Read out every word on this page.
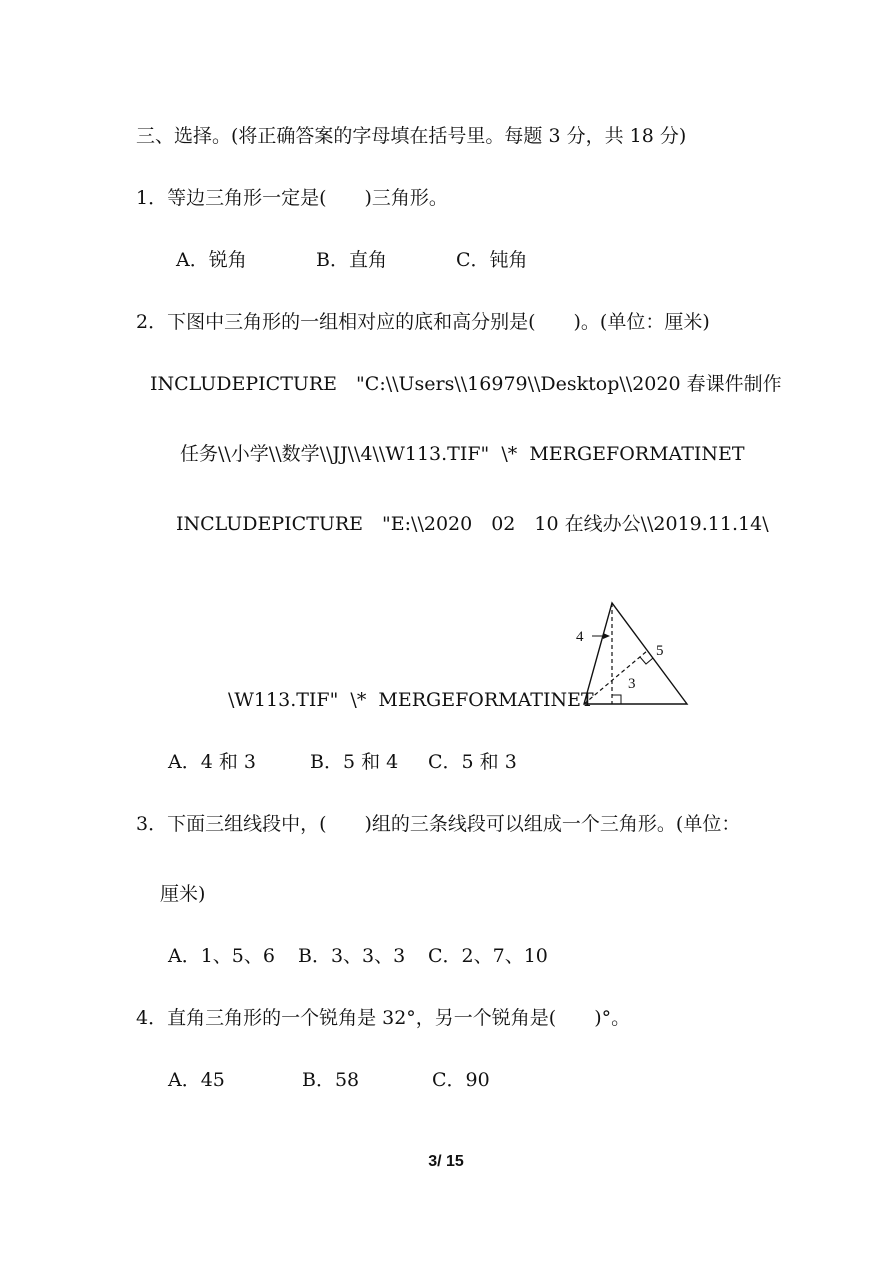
三、选择。(将正确答案的字母填在括号里。每题 3 分，共 18 分)
1．等边三角形一定是(　　)三角形。
A．锐角	B．直角	C．钝角
2．下图中三角形的一组相对应的底和高分别是(　　)。(单位：厘米)
INCLUDEPICTURE　"C:\\Users\\16979\\Desktop\\2020 春课件制作
任务\\小学\\数学\\JJ\\4\\W113.TIF"  \*  MERGEFORMATINET
INCLUDEPICTURE　"E:\\2020　02　10 在线办公\\2019.11.14\
\W113.TIF"  \*  MERGEFORMATINET
4
5
3
A．4 和 3	B．5 和 4 C．5 和 3
3．下面三组线段中，(　　)组的三条线段可以组成一个三角形。(单位：
厘米)
A．1、5、6 B．3、3、3 C．2、7、10
4．直角三角形的一个锐角是 32°，另一个锐角是(　　)°。
A．45	B．58	C．90
3/ 15
